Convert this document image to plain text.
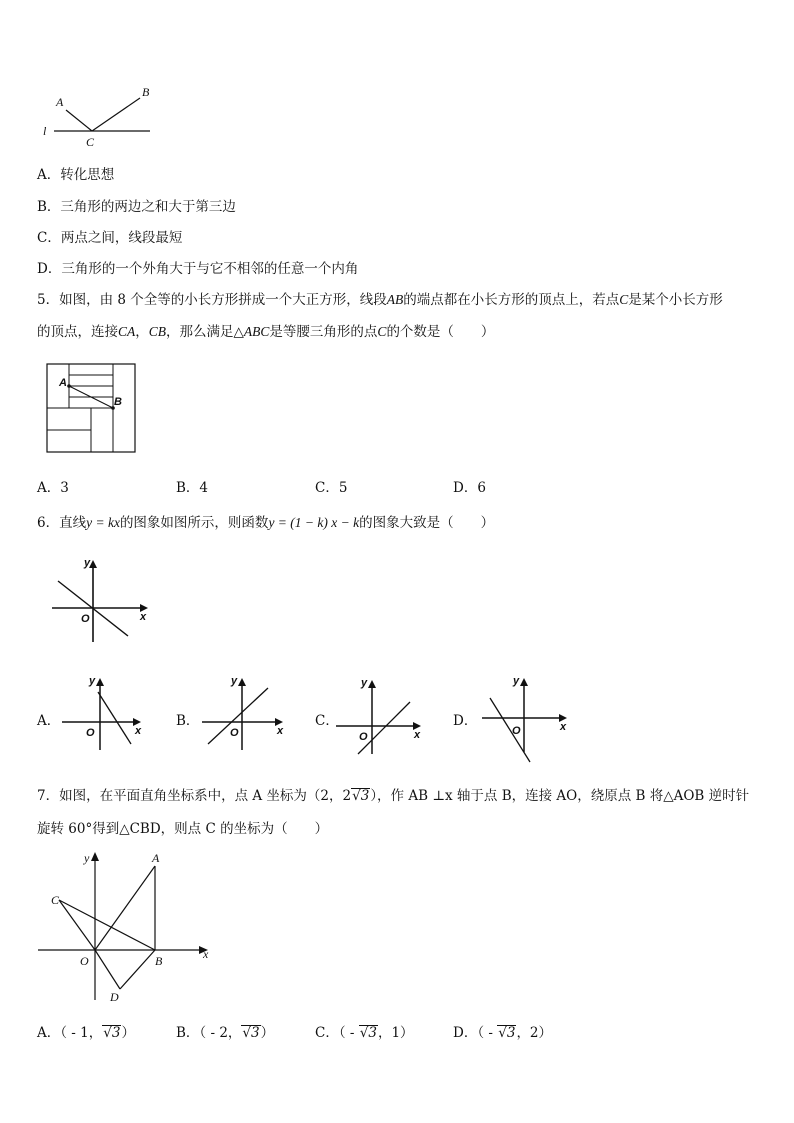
A
B
C
l
A．转化思想
B．三角形的两边之和大于第三边
C．两点之间，线段最短
D．三角形的一个外角大于与它不相邻的任意一个内角
5．如图，由 8 个全等的小长方形拼成一个大正方形，线段AB的端点都在小长方形的顶点上，若点C是某个小长方形
的顶点，连接CA，CB，那么满足△ABC是等腰三角形的点C的个数是（　　）
A
B
A．3	B．4	C．5	D．6
6．直线y = kx的图象如图所示，则函数y = (1 − k) x − k的图象大致是（　　）
y
x
O
A．
y
x
O
B．
y
x
O
C．
y
x
O
D．
y
x
O
7．如图，在平面直角坐标系中，点 A 坐标为（2，2√3），作 AB ⊥x 轴于点 B，连接 AO，绕原点 B 将△AOB 逆时针
旋转 60°得到△CBD，则点 C 的坐标为（　　）
A
B
C
D
O	x
y
A．（ - 1，√3）	B．（ - 2，√3）	C．（ - √3，1）	D．（ - √3，2）
